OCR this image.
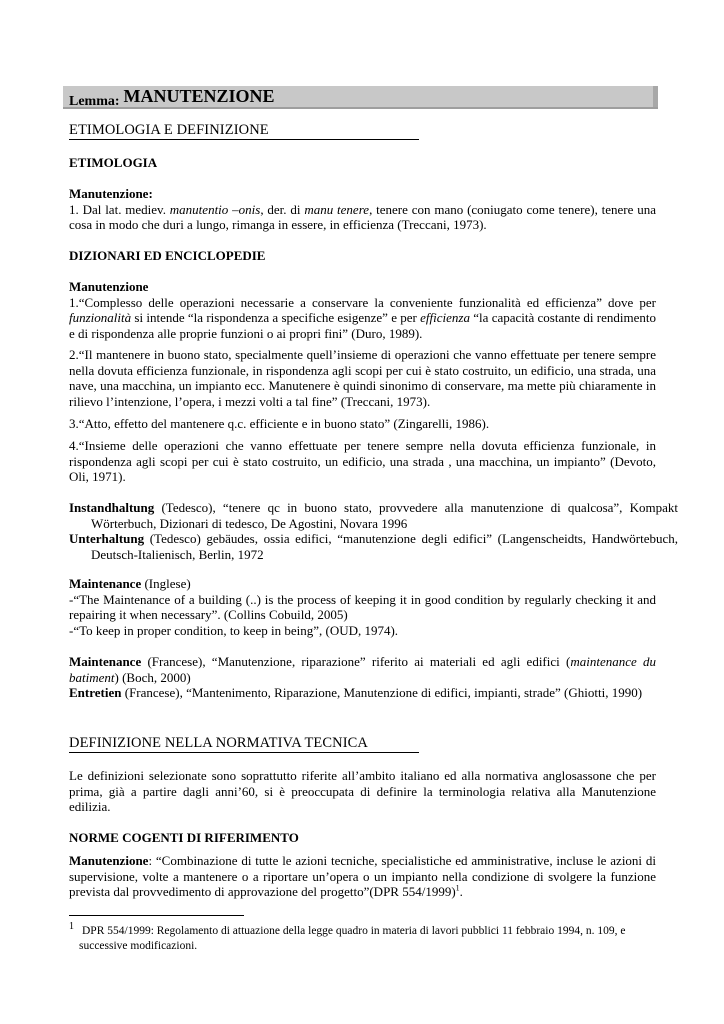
Lemma: MANUTENZIONE
ETIMOLOGIA E DEFINIZIONE
ETIMOLOGIA
Manutenzione:
1. Dal lat. mediev. manutentio –onis, der. di manu tenere, tenere con mano (coniugato come tenere), tenere una cosa in modo che duri a lungo, rimanga in essere, in efficienza (Treccani, 1973).
DIZIONARI ED ENCICLOPEDIE
Manutenzione
1.“Complesso delle operazioni necessarie a conservare la conveniente funzionalità ed efficienza” dove per funzionalità si intende “la rispondenza a specifiche esigenze” e per efficienza “la capacità costante di rendimento e di rispondenza alle proprie funzioni o ai propri fini” (Duro, 1989).
2.“Il mantenere in buono stato, specialmente quell’insieme di operazioni che vanno effettuate per tenere sempre nella dovuta efficienza funzionale, in rispondenza agli scopi per cui è stato costruito, un edificio, una strada, una nave, una macchina, un impianto ecc. Manutenere è quindi sinonimo di conservare, ma mette più chiaramente in rilievo l’intenzione, l’opera, i mezzi volti a tal fine” (Treccani, 1973).
3.“Atto, effetto del mantenere q.c. efficiente e in buono stato” (Zingarelli, 1986).
4.“Insieme delle operazioni che vanno effettuate per tenere sempre nella dovuta efficienza funzionale, in rispondenza agli scopi per cui è stato costruito, un edificio, una strada , una macchina, un impianto” (Devoto, Oli, 1971).
Instandhaltung (Tedesco), “tenere qc in buono stato, provvedere alla manutenzione di qualcosa”, Kompakt Wörterbuch, Dizionari di tedesco, De Agostini, Novara 1996
Unterhaltung (Tedesco) gebäudes, ossia edifici, “manutenzione degli edifici” (Langenscheidts, Handwörtebuch, Deutsch-Italienisch, Berlin, 1972
Maintenance (Inglese)
-“The Maintenance of a building (..) is the process of keeping it in good condition by regularly checking it and repairing it when necessary”. (Collins Cobuild, 2005)
-“To keep in proper condition, to keep in being”, (OUD, 1974).
Maintenance (Francese), “Manutenzione, riparazione” riferito ai materiali ed agli edifici (maintenance du batiment) (Boch, 2000)
Entretien (Francese), “Mantenimento, Riparazione, Manutenzione di edifici, impianti, strade” (Ghiotti, 1990)
DEFINIZIONE NELLA NORMATIVA TECNICA
Le definizioni selezionate sono soprattutto riferite all’ambito italiano ed alla normativa anglosassone che per prima, già a partire dagli anni’60, si è preoccupata di definire la terminologia relativa alla Manutenzione edilizia.
NORME COGENTI DI RIFERIMENTO
Manutenzione: “Combinazione di tutte le azioni tecniche, specialistiche ed amministrative, incluse le azioni di supervisione, volte a mantenere o a riportare un’opera o un impianto nella condizione di svolgere la funzione prevista dal provvedimento di approvazione del progetto”(DPR 554/1999)$^1$.
$^1$ DPR 554/1999: Regolamento di attuazione della legge quadro in materia di lavori pubblici 11 febbraio 1994, n. 109, e successive modificazioni.
